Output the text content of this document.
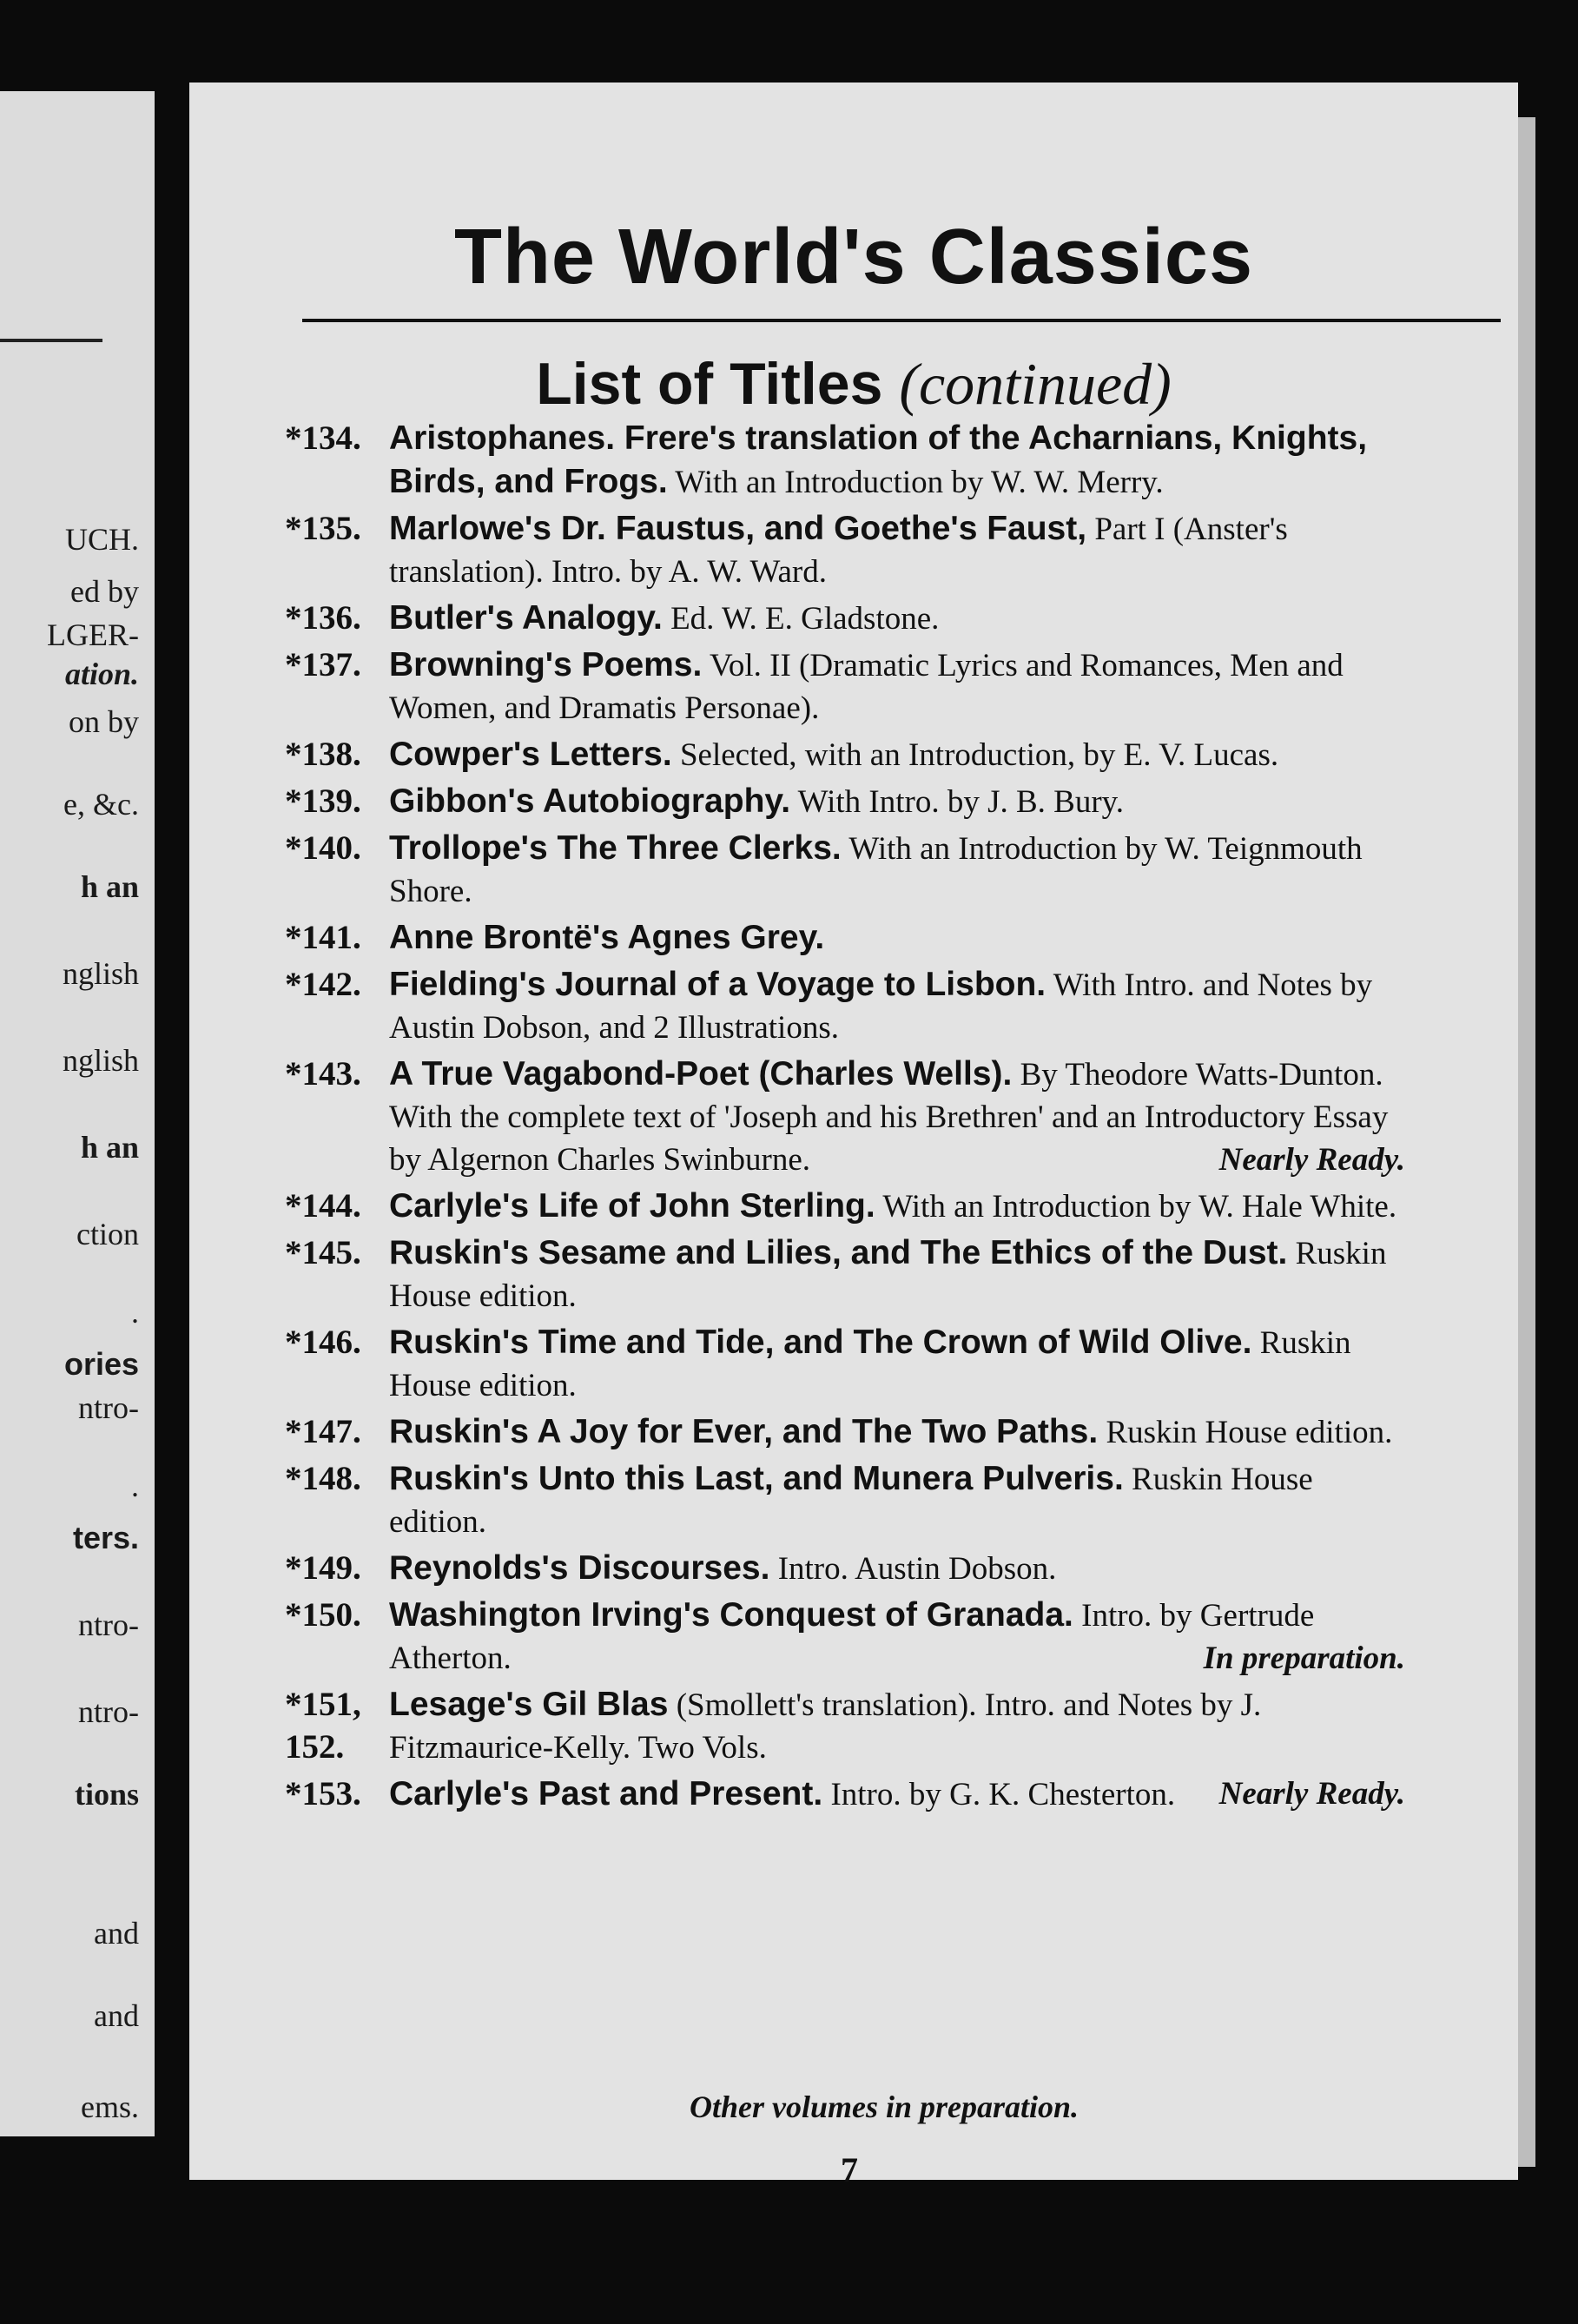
UCH.
ed by
LGER-
ation.
on by
e, &c.
h an
nglish
nglish
h an
ction
.
ories
ntro-
.
ters.
ntro-
ntro-
tions
and
and
ems.
The World's Classics
List of Titles (continued)
*134. Aristophanes. Frere's translation of the Acharnians, Knights, Birds, and Frogs. With an Introduction by W. W. Merry.
*135. Marlowe's Dr. Faustus, and Goethe's Faust, Part I (Anster's translation). Intro. by A. W. Ward.
*136. Butler's Analogy. Ed. W. E. Gladstone.
*137. Browning's Poems. Vol. II (Dramatic Lyrics and Romances, Men and Women, and Dramatis Personae).
*138. Cowper's Letters. Selected, with an Introduction, by E. V. Lucas.
*139. Gibbon's Autobiography. With Intro. by J. B. Bury.
*140. Trollope's The Three Clerks. With an Introduction by W. Teignmouth Shore.
*141. Anne Brontë's Agnes Grey.
*142. Fielding's Journal of a Voyage to Lisbon. With Intro. and Notes by Austin Dobson, and 2 Illustrations.
*143. A True Vagabond-Poet (Charles Wells). By Theodore Watts-Dunton. With the complete text of 'Joseph and his Brethren' and an Introductory Essay by Algernon Charles Swinburne.	Nearly Ready.
*144. Carlyle's Life of John Sterling. With an Introduction by W. Hale White.
*145. Ruskin's Sesame and Lilies, and The Ethics of the Dust. Ruskin House edition.
*146. Ruskin's Time and Tide, and The Crown of Wild Olive. Ruskin House edition.
*147. Ruskin's A Joy for Ever, and The Two Paths. Ruskin House edition.
*148. Ruskin's Unto this Last, and Munera Pulveris. Ruskin House edition.
*149. Reynolds's Discourses. Intro. Austin Dobson.
*150. Washington Irving's Conquest of Granada. Intro. by Gertrude Atherton.	In preparation.
*151, 152.
Lesage's Gil Blas (Smollett's translation). Intro. and Notes by J. Fitzmaurice-Kelly. Two Vols.
*153. Carlyle's Past and Present. Intro. by G. K. Chesterton. Nearly Ready.

Other volumes in preparation.

7
